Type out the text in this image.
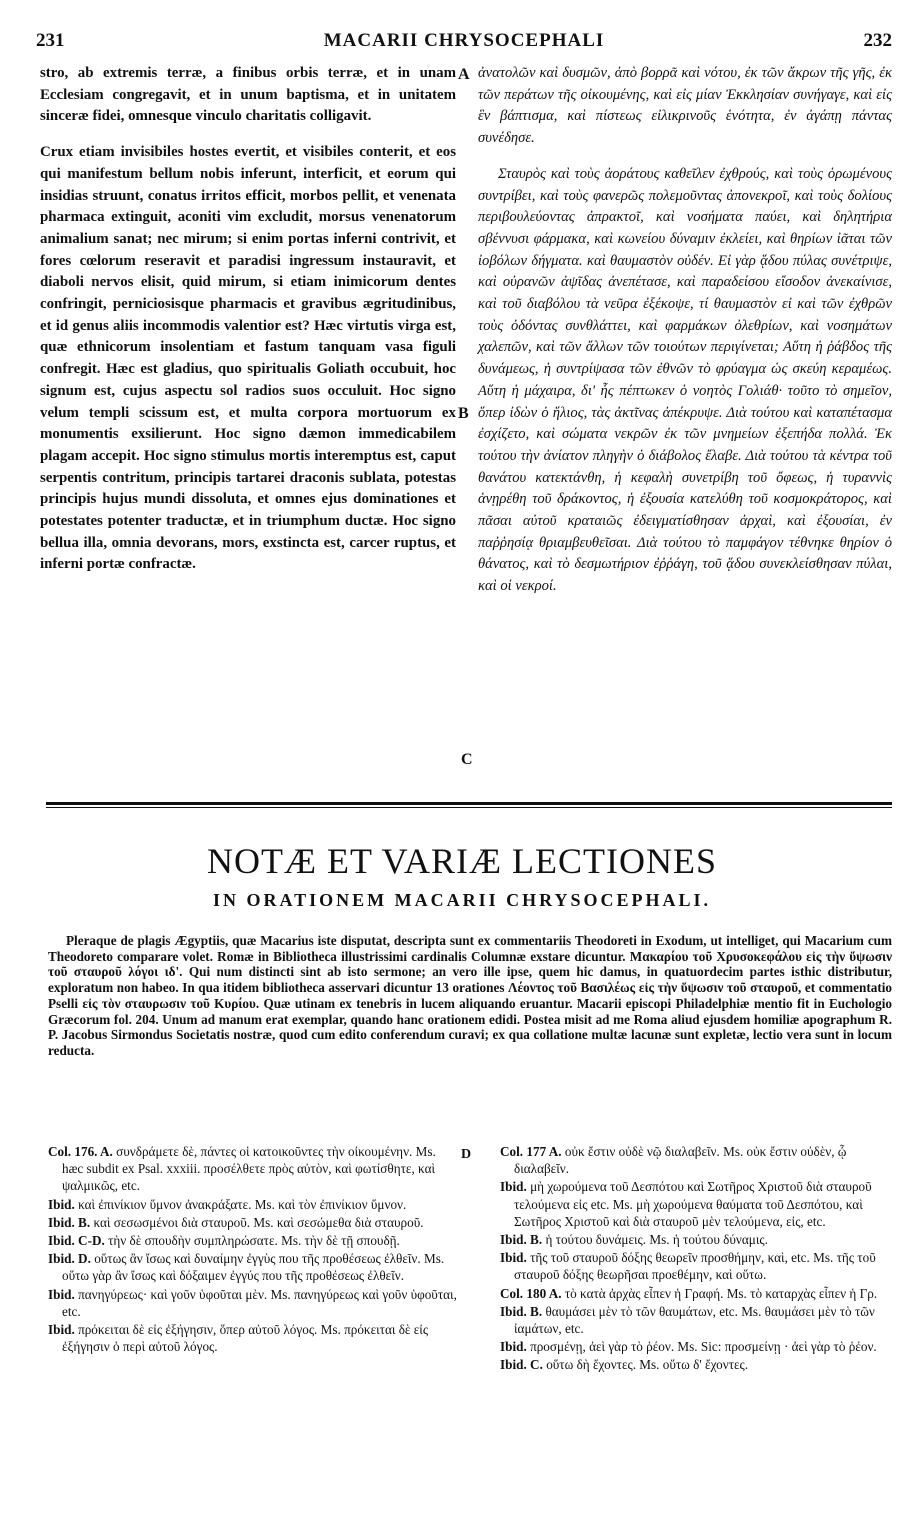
231	MACARII CHRYSOCEPHALI	232

stro, ab extremis terræ, a finibus orbis terræ, et in unam Ecclesiam congregavit, et in unum baptisma, et in unitatem sinceræ fidei, omnesque vinculo charitatis colligavit.

Crux etiam invisibiles hostes evertit, et visibiles conterit, et eos qui manifestum bellum nobis inferunt, interficit, et eorum qui insidias struunt, conatus irritos efficit, morbos pellit, et venenata pharmaca extinguit, aconiti vim excludit, morsus venenatorum animalium sanat; nec mirum; si enim portas inferni contrivit, et fores cœlorum reseravit et paradisi ingressum instauravit, et diaboli nervos elisit, quid mirum, si etiam inimicorum dentes confringit, perniciosisque pharmacis et gravibus ægritudinibus, et id genus aliis incommodis valentior est? Hæc virtutis virga est, quæ ethnicorum insolentiam et fastum tanquam vasa figuli confregit. Hæc est gladius, quo spiritualis Goliath occubuit, hoc signum est, cujus aspectu sol radios suos occuluit. Hoc signo velum templi scissum est, et multa corpora mortuorum ex monumentis exsilierunt. Hoc signo dæmon immedicabilem plagam accepit. Hoc signo stimulus mortis interemptus est, caput serpentis contritum, principis tartarei draconis sublata, potestas principis hujus mundi dissoluta, et omnes ejus dominationes et potestates potenter traductæ, et in triumphum ductæ. Hoc signo bellua illa, omnia devorans, mors, exstincta est, carcer ruptus, et inferni portæ confractæ.

A
B
C

ἀνατολῶν καὶ δυσμῶν, ἀπὸ βορρᾶ καὶ νότου, ἐκ τῶν ἄκρων τῆς γῆς, ἐκ τῶν περάτων τῆς οἰκουμένης, καὶ εἰς μίαν Ἐκκλησίαν συνήγαγε, καὶ εἰς ἓν βάπτισμα, καὶ πίστεως εἰλικρινοῦς ἑνότητα, ἐν ἀγάπῃ πάντας συνέδησε.

Σταυρὸς καὶ τοὺς ἀοράτους καθεῖλεν ἐχθρούς, καὶ τοὺς ὁρωμένους συντρίβει, καὶ τοὺς φανερῶς πολεμοῦντας ἀπονεκροῖ, καὶ τοὺς δολίους περιβουλεύοντας ἀπρακτοῖ, καὶ νοσήματα παύει, καὶ δηλητήρια σβέννυσι φάρμακα, καὶ κωνείου δύναμιν ἐκλείει, καὶ θηρίων ἰᾶται τῶν ἰοβόλων δήγματα. καὶ θαυμαστὸν οὐδέν. Εἰ γὰρ ᾅδου πύλας συνέτριψε, καὶ οὐρανῶν ἀψῖδας ἀνεπέτασε, καὶ παραδείσου εἴσοδον ἀνεκαίνισε, καὶ τοῦ διαβόλου τὰ νεῦρα ἐξέκοψε, τί θαυμαστὸν εἰ καὶ τῶν ἐχθρῶν τοὺς ὀδόντας συνθλάττει, καὶ φαρμάκων ὀλεθρίων, καὶ νοσημάτων χαλεπῶν, καὶ τῶν ἄλλων τῶν τοιούτων περιγίνεται; Αὕτη ἡ ῥάβδος τῆς δυνάμεως, ἡ συντρίψασα τῶν ἐθνῶν τὸ φρύαγμα ὡς σκεύη κεραμέως. Αὕτη ἡ μάχαιρα, δι' ἧς πέπτωκεν ὁ νοητὸς Γολιάθ· τοῦτο τὸ σημεῖον, ὅπερ ἰδὼν ὁ ἥλιος, τὰς ἀκτῖνας ἀπέκρυψε. Διὰ τούτου καὶ καταπέτασμα ἐσχίζετο, καὶ σώματα νεκρῶν ἐκ τῶν μνημείων ἐξεπήδα πολλά. Ἐκ τούτου τὴν ἀνίατον πληγὴν ὁ διάβολος ἔλαβε. Διὰ τούτου τὰ κέντρα τοῦ θανάτου κατεκτάνθη, ἡ κεφαλὴ συνετρίβη τοῦ ὄφεως, ἡ τυραννὶς ἀνῃρέθη τοῦ δράκοντος, ἡ ἐξουσία κατελύθη τοῦ κοσμοκράτορος, καὶ πᾶσαι αὐτοῦ κραταιῶς ἐδειγματίσθησαν ἀρχαὶ, καὶ ἐξουσίαι, ἐν παῤῥησίᾳ θριαμβευθεῖσαι. Διὰ τούτου τὸ παμφάγον τέθνηκε θηρίον ὁ θάνατος, καὶ τὸ δεσμωτήριον ἐῤῥάγη, τοῦ ᾅδου συνεκλείσθησαν πύλαι, καὶ οἱ νεκροί.

NOTÆ ET VARIÆ LECTIONES
IN ORATIONEM MACARII CHRYSOCEPHALI.

Pleraque de plagis Ægyptiis, quæ Macarius iste disputat, descripta sunt ex commentariis Theodoreti in Exodum, ut intelliget, qui Macarium cum Theodoreto comparare volet. Romæ in Bibliotheca illustrissimi cardinalis Columnæ exstare dicuntur. Μακαρίου τοῦ Χρυσοκεφάλου εἰς τὴν ὕψωσιν τοῦ σταυροῦ λόγοι ιδ'. Qui num distincti sint ab isto sermone; an vero ille ipse, quem hic damus, in quatuordecim partes isthic distributur, exploratum non habeo. In qua itidem bibliotheca asservari dicuntur 13 orationes Λέοντος τοῦ Βασιλέως εἰς τὴν ὕψωσιν τοῦ σταυροῦ, et commentatio Pselli εἰς τὸν σταυρωσιν τοῦ Κυρίου. Quæ utinam ex tenebris in lucem aliquando eruantur. Macarii episcopi Philadelphiæ mentio fit in Euchologio Græcorum fol. 204. Unum ad manum erat exemplar, quando hanc orationem edidi. Postea misit ad me Roma aliud ejusdem homiliæ apographum R. P. Jacobus Sirmondus Societatis nostræ, quod cum edito conferendum curavi; ex qua collatione multæ lacunæ sunt expletæ, lectio vera sunt in locum reducta.

D

Col. 176. A. συνδράμετε δὲ, πάντες οἱ κατοικοῦντες τὴν οἰκουμένην. Ms. hæc subdit ex Psal. xxxiii. προσέλθετε πρὸς αὐτὸν, καὶ φωτίσθητε, καὶ ψαλμικῶς, etc.

Ibid. καὶ ἐπινίκιον ὕμνον ἀνακράξατε. Ms. καὶ τὸν ἐπινίκιον ὕμνον.

Ibid. B. καὶ σεσωσμένοι διὰ σταυροῦ. Ms. καὶ σεσώμεθα διὰ σταυροῦ.

Ibid. C-D. τὴν δὲ σπουδὴν συμπληρώσατε. Ms. τὴν δὲ τῇ σπουδῇ.

Ibid. D. οὕτως ἂν ἴσως καὶ δυναίμην ἐγγὺς που τῆς προθέσεως ἐλθεῖν. Ms. οὕτω γὰρ ἂν ἴσως καὶ δόξαιμεν ἐγγύς που τῆς προθέσεως ἐλθεῖν.

Ibid. πανηγύρεως· καὶ γοῦν ὑφοῦται μὲν. Ms. πανηγύρεως καὶ γοῦν ὑφοῦται, etc.

Ibid. πρόκειται δὲ εἰς ἐξήγησιν, ὅπερ αὐτοῦ λόγος. Ms. πρόκειται δὲ εἰς ἐξήγησιν ὁ περὶ αὐτοῦ λόγος.

Col. 177 A. οὐκ ἔστιν οὐδὲ νῷ διαλαβεῖν. Ms. οὐκ ἔστιν οὐδὲν, ᾧ διαλαβεῖν.

Ibid. μὴ χωρούμενα τοῦ Δεσπότου καὶ Σωτῆρος Χριστοῦ διὰ σταυροῦ τελούμενα εἰς etc. Ms. μὴ χωρούμενα θαύματα τοῦ Δεσπότου, καὶ Σωτῆρος Χριστοῦ καὶ διὰ σταυροῦ μὲν τελούμενα, εἰς, etc.

Ibid. B. ἡ τούτου δυνάμεις. Ms. ἡ τούτου δύναμις.

Ibid. τῆς τοῦ σταυροῦ δόξης θεωρεῖν προσθήμην, καὶ, etc. Ms. τῆς τοῦ σταυροῦ δόξης θεωρῆσαι προεθέμην, καὶ οὕτω.

Col. 180 A. τὸ κατὰ ἀρχὰς εἶπεν ἡ Γραφή. Ms. τὸ καταρχὰς εἶπεν ἡ Γρ.

Ibid. B. θαυμάσει μὲν τὸ τῶν θαυμάτων, etc. Ms. θαυμάσει μὲν τὸ τῶν ἰαμάτων, etc.

Ibid. προσμένῃ, ἀεὶ γὰρ τὸ ῥέον. Ms. Sic: προσμείνῃ · ἀεὶ γὰρ τὸ ῥέον.

Ibid. C. οὕτω δὴ ἔχοντες. Ms. οὕτω δ' ἔχοντες.
